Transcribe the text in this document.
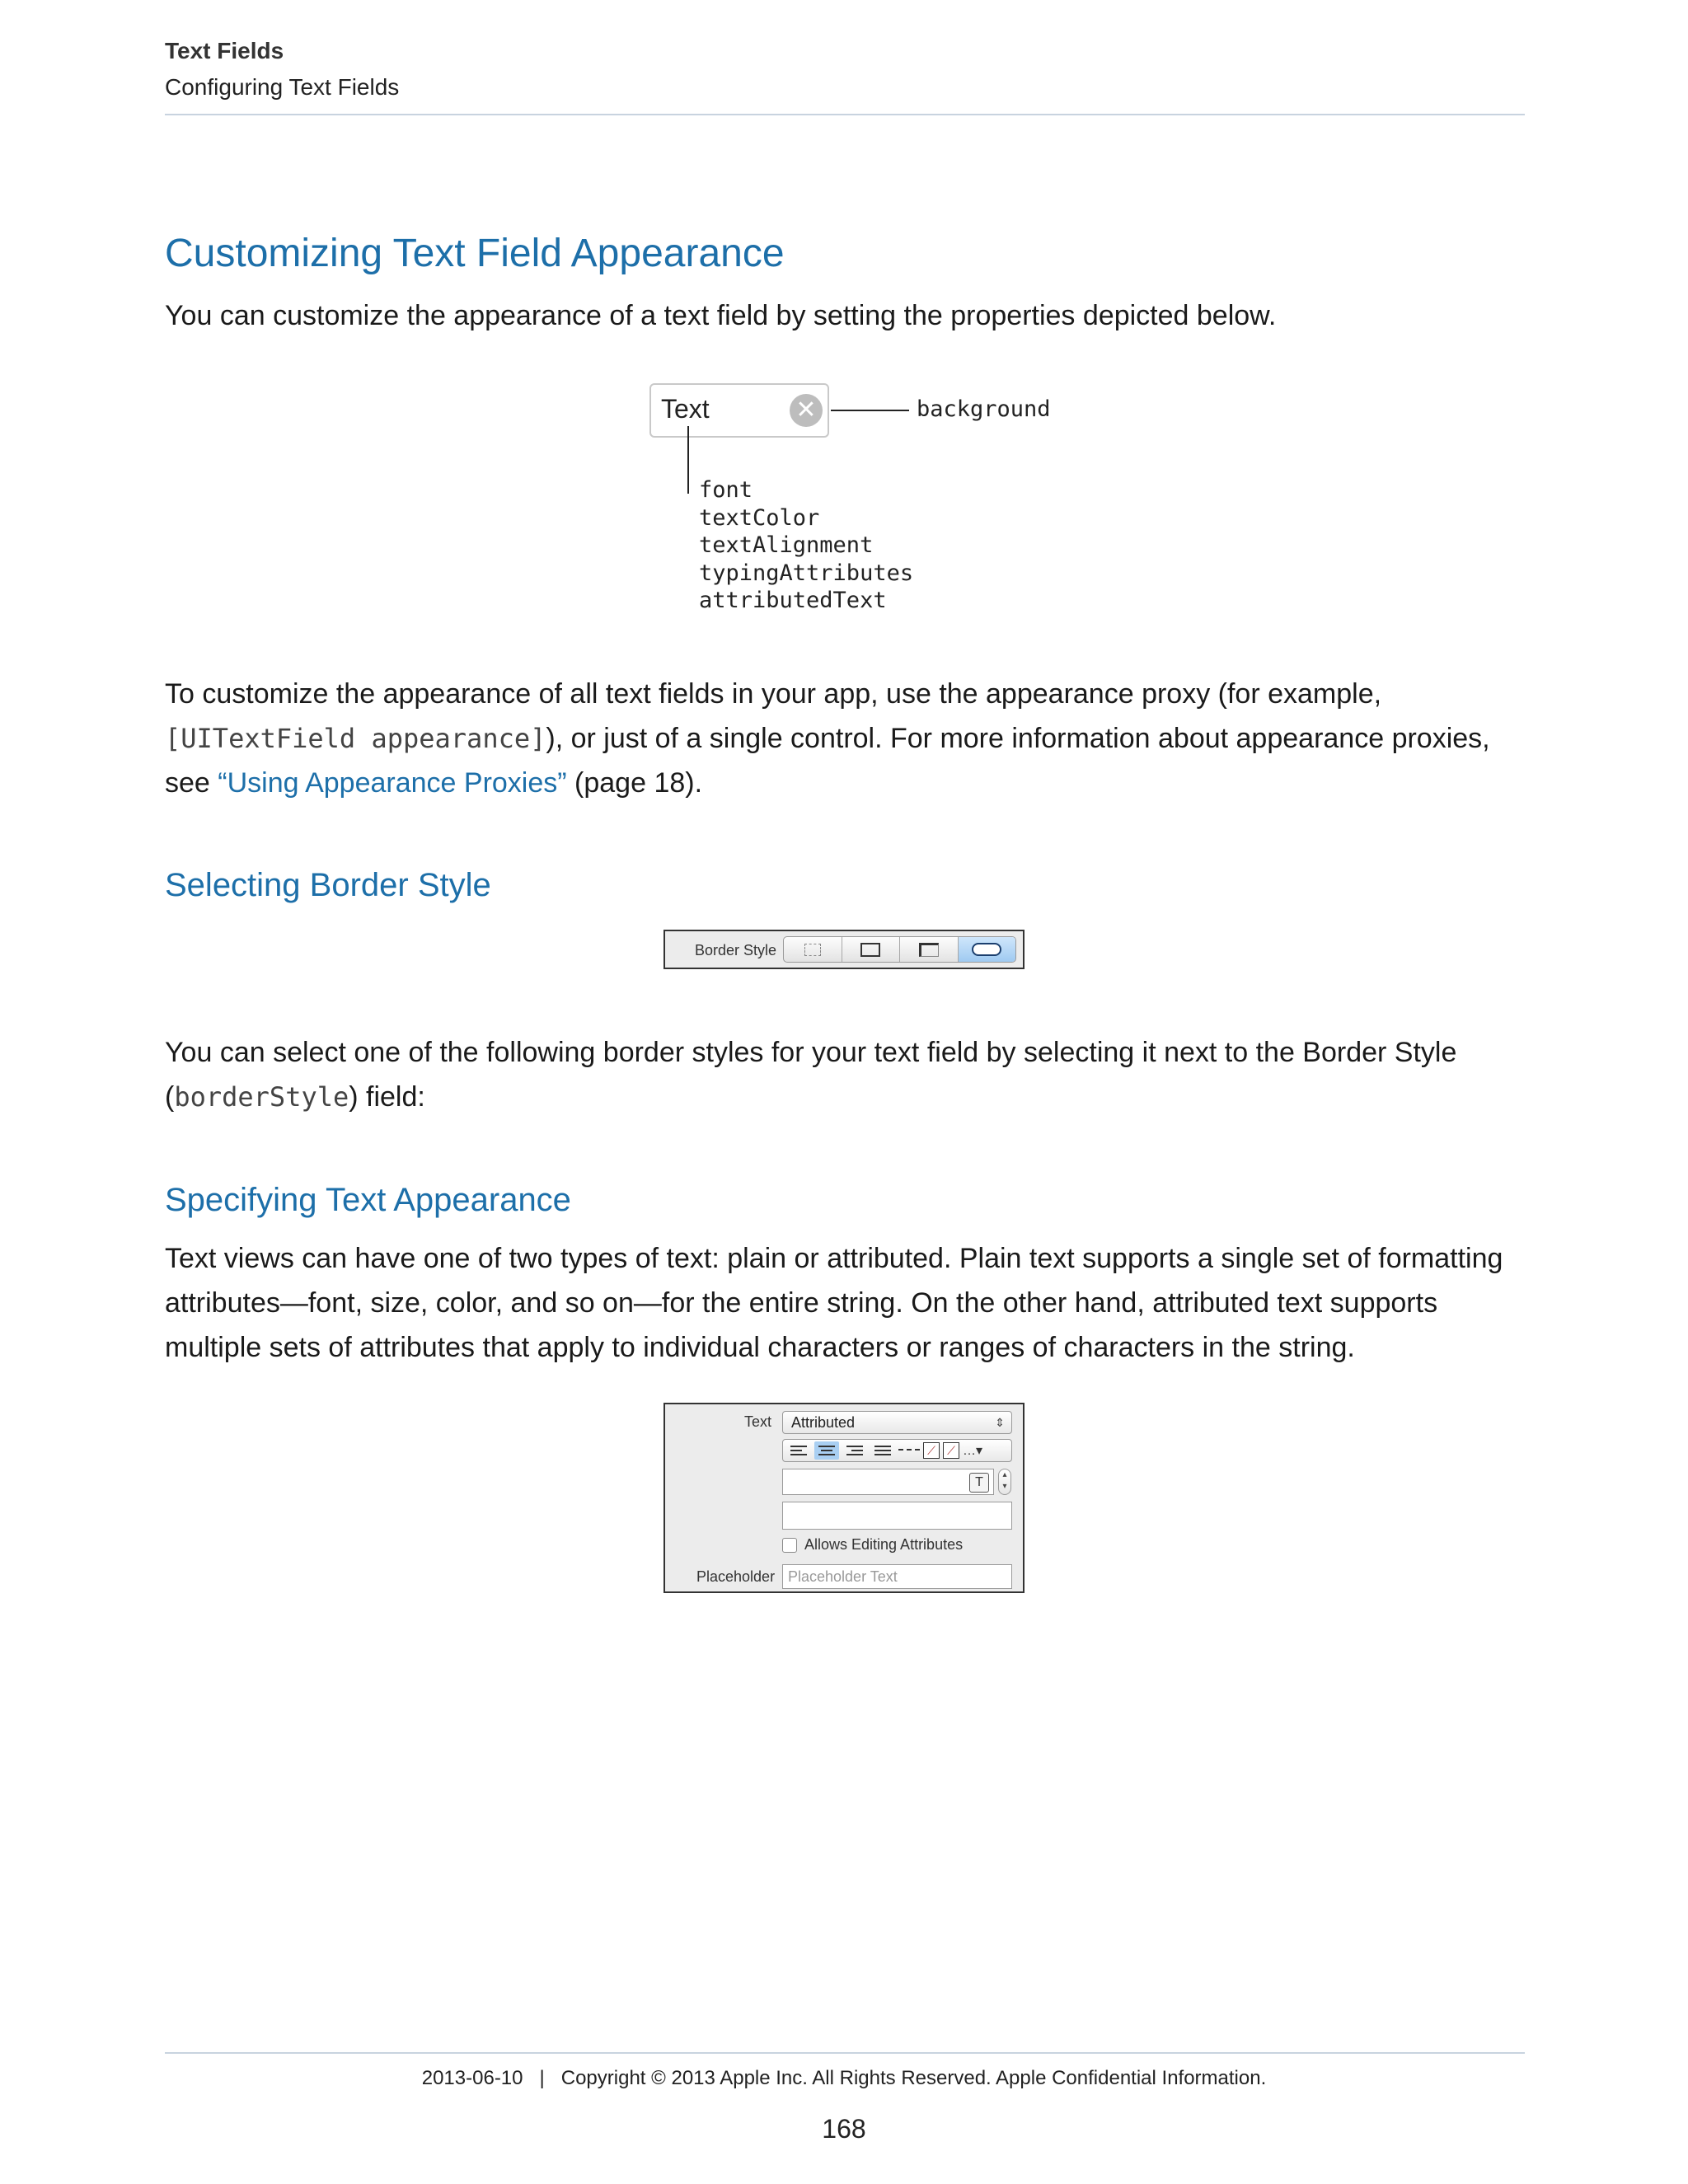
Text Fields
Configuring Text Fields
Customizing Text Field Appearance

You can customize the appearance of a text field by setting the properties depicted below.

Text	✕	background
font
textColor
textAlignment
typingAttributes
attributedText

To customize the appearance of all text fields in your app, use the appearance proxy (for example, [UITextField appearance]), or just of a single control. For more information about appearance proxies, see “Using Appearance Proxies” (page 18).

Selecting Border Style
Border Style

You can select one of the following border styles for your text field by selecting it next to the Border Style (borderStyle) field:

Specifying Text Appearance

Text views can have one of two types of text: plain or attributed. Plain text supports a single set of formatting attributes—font, size, color, and so on—for the entire string. On the other hand, attributed text supports multiple sets of attributes that apply to individual characters or ranges of characters in the string.

Text	Attributed	⇕
⟋	⟋ …▾
T
▴
▾
Allows Editing Attributes
Placeholder Placeholder Text
2013-06-10   |   Copyright © 2013 Apple Inc. All Rights Reserved. Apple Confidential Information.
168
